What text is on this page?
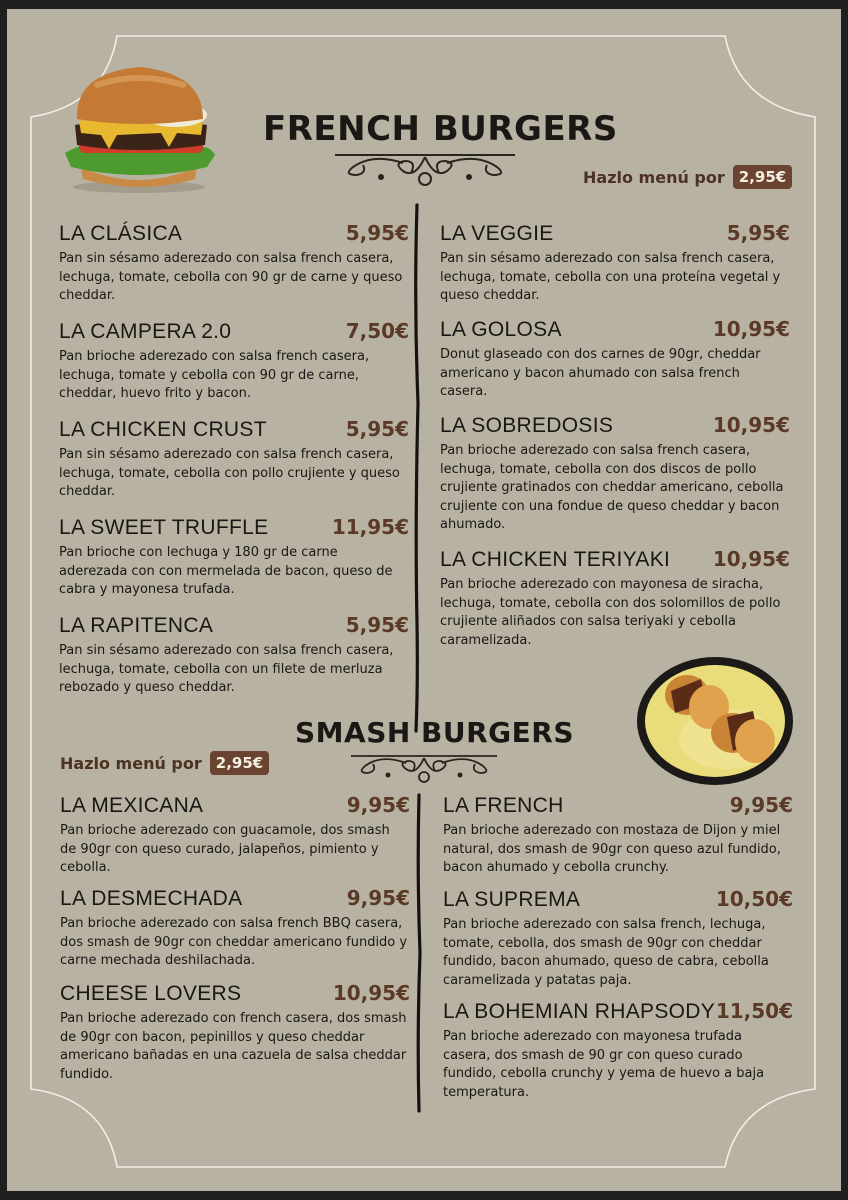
FRENCH BURGERS
Hazlo menú por 2,95€
LA CLÁSICA	5,95€
Pan sin sésamo aderezado con salsa french casera, lechuga, tomate, cebolla con 90 gr de carne y queso cheddar.
LA CAMPERA 2.0	7,50€
Pan brioche aderezado con salsa french casera, lechuga, tomate y cebolla con 90 gr de carne, cheddar, huevo frito y bacon.
LA CHICKEN CRUST	5,95€
Pan sin sésamo aderezado con salsa french casera, lechuga, tomate, cebolla con pollo crujiente y queso cheddar.
LA SWEET TRUFFLE	11,95€
Pan brioche con lechuga y 180 gr de carne aderezada con con mermelada de bacon, queso de cabra y mayonesa trufada.
LA RAPITENCA	5,95€
Pan sin sésamo aderezado con salsa french casera, lechuga, tomate, cebolla con un filete de merluza rebozado y queso cheddar.
LA VEGGIE	5,95€
Pan sin sésamo aderezado con salsa french casera, lechuga, tomate, cebolla con una proteína vegetal y queso cheddar.
LA GOLOSA	10,95€
Donut glaseado con dos carnes de 90gr, cheddar americano y bacon ahumado con salsa french casera.
LA SOBREDOSIS	10,95€
Pan brioche aderezado con salsa french casera, lechuga, tomate, cebolla con dos discos de pollo crujiente gratinados con cheddar americano, cebolla crujiente con una fondue de queso cheddar y bacon ahumado.
LA CHICKEN TERIYAKI 10,95€
Pan brioche aderezado con mayonesa de siracha, lechuga, tomate, cebolla con dos solomillos de pollo crujiente aliñados con salsa teriyaki y cebolla caramelizada.
SMASH BURGERS
Hazlo menú por 2,95€
LA MEXICANA	9,95€
Pan brioche aderezado con guacamole, dos smash de 90gr con queso curado, jalapeños, pimiento y cebolla.
LA DESMECHADA	9,95€
Pan brioche aderezado con salsa french BBQ casera, dos smash de 90gr con cheddar americano fundido y carne mechada deshilachada.
CHEESE LOVERS	10,95€
Pan brioche aderezado con french casera, dos smash de 90gr con bacon, pepinillos y queso cheddar americano bañadas en una cazuela de salsa cheddar fundido.
LA FRENCH	9,95€
Pan brioche aderezado con mostaza de Dijon y miel natural, dos smash de 90gr con queso azul fundido, bacon ahumado y cebolla crunchy.
LA SUPREMA	10,50€
Pan brioche aderezado con salsa french, lechuga, tomate, cebolla, dos smash de 90gr con cheddar fundido, bacon ahumado, queso de cabra, cebolla caramelizada y patatas paja.
LA BOHEMIAN RHAPSODY 11,50€
Pan brioche aderezado con mayonesa trufada casera, dos smash de 90 gr con queso curado fundido, cebolla crunchy y yema de huevo a baja temperatura.
